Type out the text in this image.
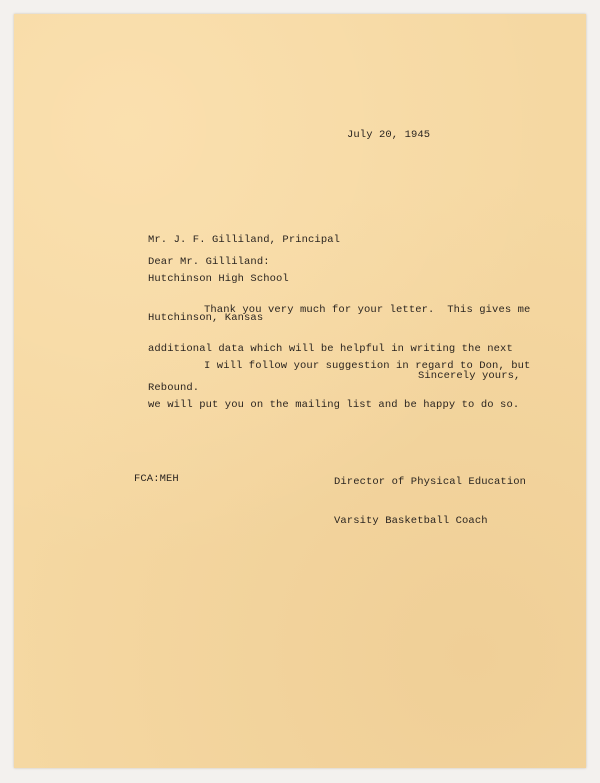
July 20, 1945

Mr. J. F. Gilliland, Principal

Hutchinson High School

Hutchinson, Kansas

Dear Mr. Gilliland:

Thank you very much for your letter.  This gives me

additional data which will be helpful in writing the next

Rebound.

I will follow your suggestion in regard to Don, but

we will put you on the mailing list and be happy to do so.

Sincerely yours,

Director of Physical Education

Varsity Basketball Coach

FCA:MEH
